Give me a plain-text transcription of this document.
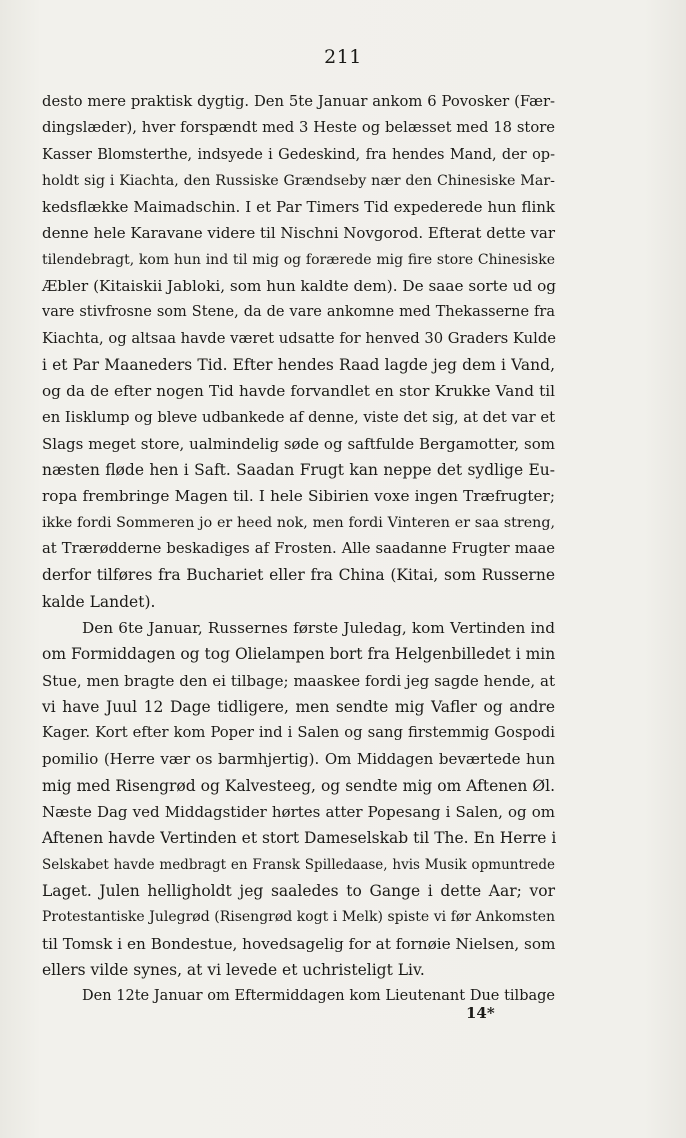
211
desto mere praktisk dygtig. Den 5te Januar ankom 6 Povosker (Fær-
dingslæder), hver forspændt med 3 Heste og belæsset med 18 store
Kasser Blomsterthe, indsyede i Gedeskind, fra hendes Mand, der op-
holdt sig i Kiachta, den Russiske Grændseby nær den Chinesiske Mar-
kedsflække Maimadschin. I et Par Timers Tid expederede hun flink
denne hele Karavane videre til Nischni Novgorod. Efterat dette var
tilendebragt, kom hun ind til mig og forærede mig fire store Chinesiske
Æbler (Kitaiskii Jabloki, som hun kaldte dem). De saae sorte ud og
vare stivfrosne som Stene, da de vare ankomne med Thekasserne fra
Kiachta, og altsaa havde været udsatte for henved 30 Graders Kulde
i et Par Maaneders Tid. Efter hendes Raad lagde jeg dem i Vand,
og da de efter nogen Tid havde forvandlet en stor Krukke Vand til
en Iisklump og bleve udbankede af denne, viste det sig, at det var et
Slags meget store, ualmindelig søde og saftfulde Bergamotter, som
næsten fløde hen i Saft. Saadan Frugt kan neppe det sydlige Eu-
ropa frembringe Magen til. I hele Sibirien voxe ingen Træfrugter;
ikke fordi Sommeren jo er heed nok, men fordi Vinteren er saa streng,
at Trærødderne beskadiges af Frosten. Alle saadanne Frugter maae
derfor tilføres fra Buchariet eller fra China (Kitai, som Russerne
kalde Landet).
Den 6te Januar, Russernes første Juledag, kom Vertinden ind
om Formiddagen og tog Olielampen bort fra Helgenbilledet i min
Stue, men bragte den ei tilbage; maaskee fordi jeg sagde hende, at
vi have Juul 12 Dage tidligere, men sendte mig Vafler og andre
Kager. Kort efter kom Poper ind i Salen og sang firstemmig Gospodi
pomilio (Herre vær os barmhjertig). Om Middagen beværtede hun
mig med Risengrød og Kalvesteeg, og sendte mig om Aftenen Øl.
Næste Dag ved Middagstider hørtes atter Popesang i Salen, og om
Aftenen havde Vertinden et stort Dameselskab til The. En Herre i
Selskabet havde medbragt en Fransk Spilledaase, hvis Musik opmuntrede
Laget. Julen helligholdt jeg saaledes to Gange i dette Aar; vor
Protestantiske Julegrød (Risengrød kogt i Melk) spiste vi før Ankomsten
til Tomsk i en Bondestue, hovedsagelig for at fornøie Nielsen, som
ellers vilde synes, at vi levede et uchristeligt Liv.
Den 12te Januar om Eftermiddagen kom Lieutenant Due tilbage
14*
